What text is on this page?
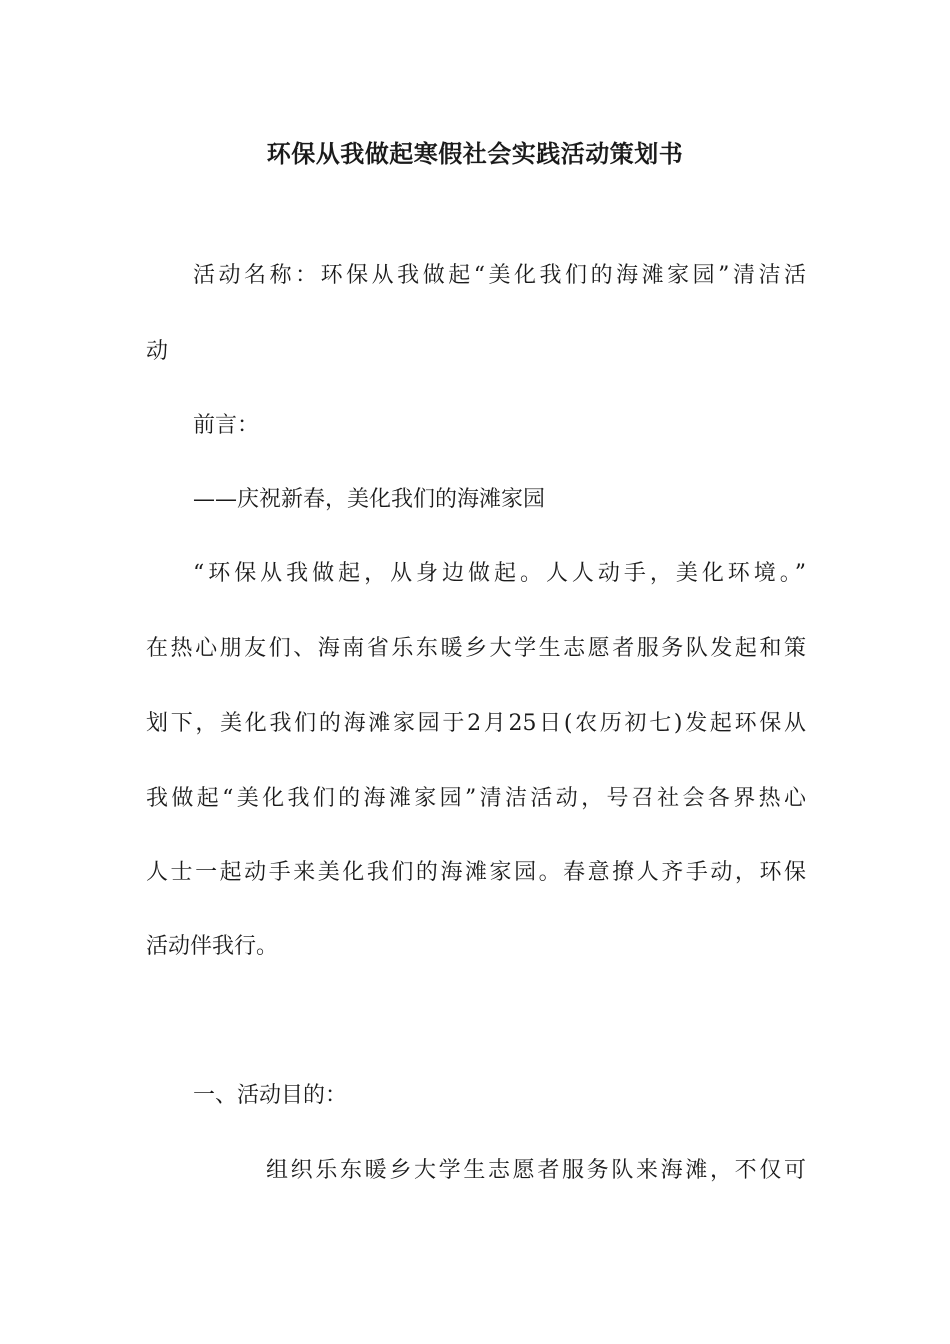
环保从我做起寒假社会实践活动策划书
活动名称：环保从我做起“美化我们的海滩家园”清洁活
动
前言：
——庆祝新春，美化我们的海滩家园
“环保从我做起，从身边做起。人人动手，美化环境。”
在热心朋友们、海南省乐东暖乡大学生志愿者服务队发起和策
划下，美化我们的海滩家园于2月25日(农历初七)发起环保从
我做起“美化我们的海滩家园”清洁活动，号召社会各界热心
人士一起动手来美化我们的海滩家园。春意撩人齐手动，环保
活动伴我行。
一、活动目的：
组织乐东暖乡大学生志愿者服务队来海滩，不仅可
